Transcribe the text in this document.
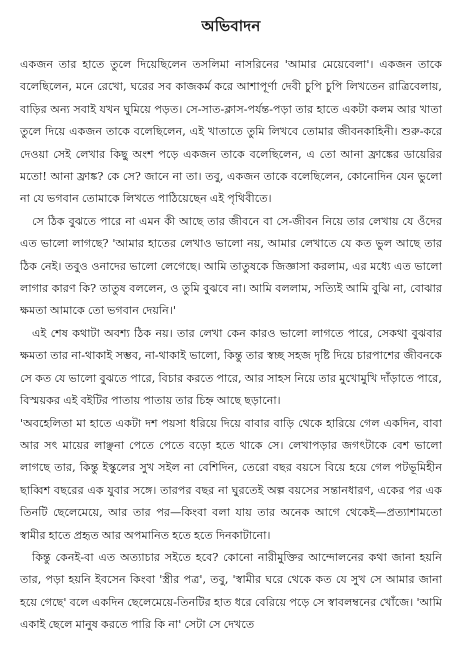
অভিবাদন

একজন তার হাতে তুলে দিয়েছিলেন তসলিমা নাসরিনের 'আমার মেয়েবেলা'। একজন তাকে বলেছিলেন, মনে রেখো, ঘরের সব কাজকর্ম করে আশাপূর্ণা দেবী চুপি চুপি লিখতেন রাত্রিবেলায়, বাড়ির অন্য সবাই যখন ঘুমিয়ে পড়ত। সে-সাত-ক্লাস-পর্যন্ত-পড়া তার হাতে একটা কলম আর খাতা তুলে দিয়ে একজন তাকে বলেছিলেন, এই খাতাতে তুমি লিখবে তোমার জীবনকাহিনী। শুরু-করে দেওয়া সেই লেখার কিছু অংশ পড়ে একজন তাকে বলেছিলেন, এ তো আনা ফ্রাঙ্কের ডায়েরির মতো! আনা ফ্রাঙ্ক? কে সে? জানে না তা। তবু, একজন তাকে বলেছিলেন, কোনোদিন যেন ভুলো না যে ভগবান তোমাকে লিখতে পাঠিয়েছেন এই পৃথিবীতে।

সে ঠিক বুঝতে পারে না এমন কী আছে তার জীবনে বা সে-জীবন নিয়ে তার লেখায় যে ওঁদের এত ভালো লাগছে? 'আমার হাতের লেখাও ভালো নয়, আমার লেখাতে যে কত ভুল আছে তার ঠিক নেই। তবুও ওনাদের ভালো লেগেছে। আমি তাতুষকে জিজ্ঞাসা করলাম, এর মধ্যে এত ভালো লাগার কারণ কি? তাতুষ বললেন, ও তুমি বুঝবে না। আমি বললাম, সত্যিই আমি বুঝি না, বোঝার ক্ষমতা আমাকে তো ভগবান দেয়নি।'

এই শেষ কথাটা অবশ্য ঠিক নয়। তার লেখা কেন কারও ভালো লাগতে পারে, সেকথা বুঝবার ক্ষমতা তার না-থাকাই সম্ভব, না-থাকাই ভালো, কিন্তু তার স্বচ্ছ সহজ দৃষ্টি দিয়ে চারপাশের জীবনকে সে কত যে ভালো বুঝতে পারে, বিচার করতে পারে, আর সাহস নিয়ে তার মুখোমুখি দাঁড়াতে পারে, বিস্ময়কর এই বইটির পাতায় পাতায় তার চিহ্ন আছে ছড়ানো।

'অবহেলিতা মা হাতে একটা দশ পয়সা ধরিয়ে দিয়ে বাবার বাড়ি থেকে হারিয়ে গেল একদিন, বাবা আর সৎ মায়ের লাঞ্ছনা পেতে পেতে বড়ো হতে থাকে সে। লেখাপড়ার জগৎটাকে বেশ ভালো লাগছে তার, কিন্তু ইস্কুলের সুখ সইল না বেশিদিন, তেরো বছর বয়সে বিয়ে হয়ে গেল পটভূমিহীন ছাব্বিশ বছরের এক যুবার সঙ্গে। তারপর বছর না ঘুরতেই অল্প বয়সের সন্তানধারণ, একের পর এক তিনটি ছেলেমেয়ে, আর তার পর—কিংবা বলা যায় তার অনেক আগে থেকেই—প্রত্যাশামতো স্বামীর হাতে প্রহৃত আর অপমানিত হতে হতে দিনকাটানো।

কিন্তু কেনই-বা এত অত্যাচার সইতে হবে? কোনো নারীমুক্তির আন্দোলনের কথা জানা হয়নি তার, পড়া হয়নি ইবসেন কিংবা 'স্ত্রীর পত্র', তবু, 'স্বামীর ঘরে থেকে কত যে সুখ সে আমার জানা হয়ে গেছে' বলে একদিন ছেলেমেয়ে-তিনটির হাত ধরে বেরিয়ে পড়ে সে স্বাবলম্বনের খোঁজে। 'আমি একাই ছেলে মানুষ করতে পারি কি না' সেটা সে দেখতে
